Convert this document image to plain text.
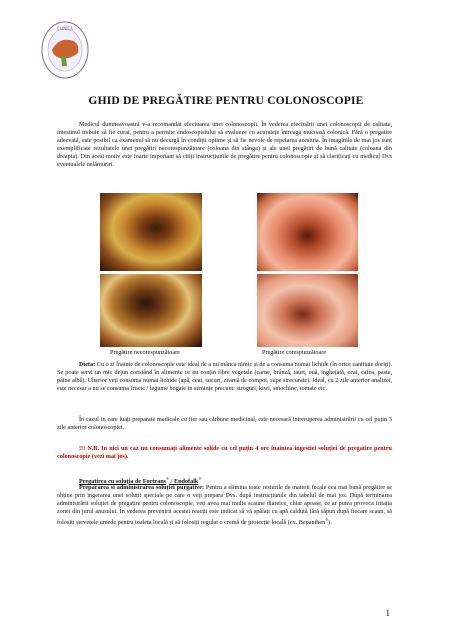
CLINICA
GHID DE PREGĂTIRE PENTRU COLONOSCOPIE

Medicul dumneavoastră v-a recomandat efectuarea unei colonoscopii. În vederea efectuării unei colonoscopii de calitate, intestinul trebuie să fie curat, pentru a permite endoscopistului să evalueze cu acuratețe întreaga mucoasă colonică. Fără o pregatire adecvată, este posibil ca examenul să nu decurgă în condiții optime și să fie nevoie de repetarea acestuia. În imaginile de mai jos sunt exemplificate rezultatele unei pregătiri necorespunzătoare (coloana din stânga) și ale unei pregătiri de bună calitate (coloana din dreapta). Din acest motiv este foarte important să citiți instrucțiunile de pregătire pentru colonoscopie și să clarificați cu medicul Dvs eventualele nelămuriri.

Pregătire necorespunzătoare	Pregătire corespunzătoare

Dieta: Cu o zi înainte de colonoscopie este ideal de a nu mânca nimic și de a consuma numai lichide (în orice cantitate doriți). Se poate servi un mic dejun constând în alimente ce nu conțin fibre vegetale (carne, brânză, iaurt, ouă, inghețată, ceai, cafea, paste, pâine albă). Ulterior veți consuma numai lichide (apă, ceai, sucuri, zeamă de compot, supe strecurate). Ideal, cu 2 zile anterior analizei, este necesar a nu se consuma fructe / legume bogate in semințe precum: struguri, kiwi, smochine, tomate etc.

În cazul in care luați preparate medicale cu fier sau cărbune medicinal, este necesară intreruperea administrării cu cel puțin 3 zile anterior colonoscopiei.

!!! N.B. In nici un caz nu consumați alimente solide cu cel puțin 4 ore înaintea ingestiei soluției de pregatire pentru colonoscopie (vezi mai jos).

Pregatirea cu soluția de Fortrans® / Endofalk®

Prepararea si administrarea soluției purgative: Pentru a elimina toate resturile de materii fecale cea mai bună pregătire se obține prin ingerarea unei soluții speciale pe care o veți prepara Dvs. după instrucțiunile din tabelul de mai jos. După terminarea administrării soluției de pregatire pentru colonoscopie, veți avea mai multe scaune diareice, chiar apoase, ce ar putea provoca iritația zonei din jurul anusului. În vederea prevenirii acestei reacții este indicat să vă spălați cu apă caldută fără săpun după fiecare scaun, să folosiți șervețele umede pentru toaleta locală și să folosiți regulat o cremă de protecție locală (ex. Bepanthen®).

1
